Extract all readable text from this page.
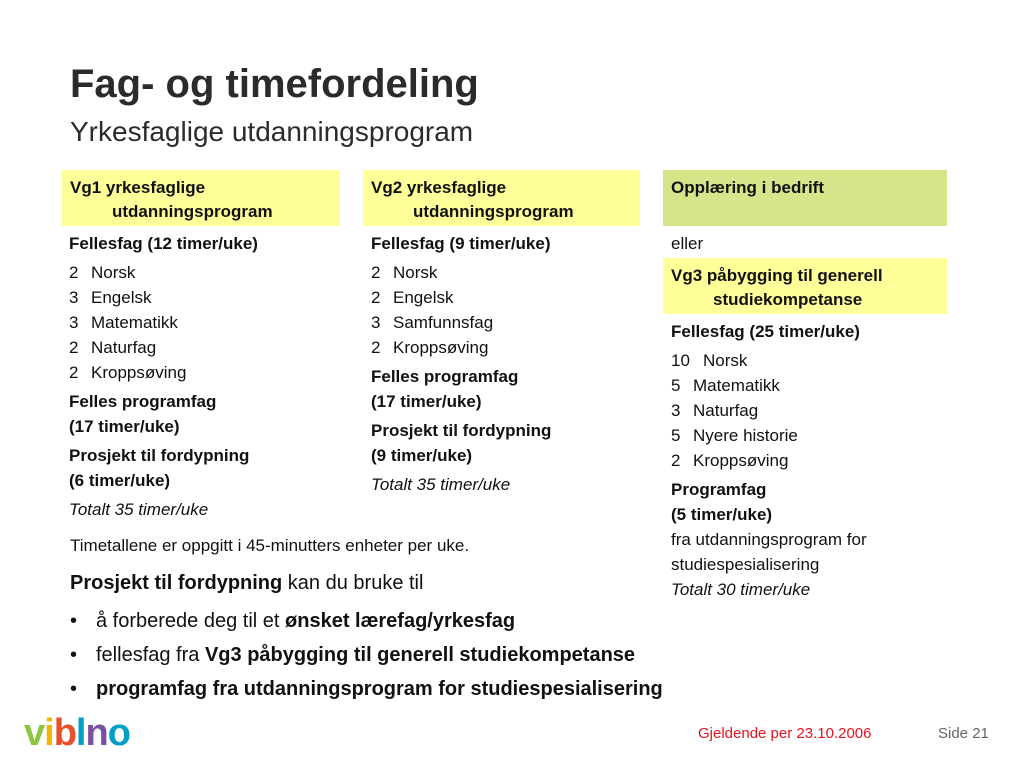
Fag- og timefordeling
Yrkesfaglige utdanningsprogram
Vg1 yrkesfaglige
utdanningsprogram
Fellesfag (12 timer/uke)
2 Norsk
3 Engelsk
3 Matematikk
2 Naturfag
2 Kroppsøving
Felles programfag
(17 timer/uke)
Prosjekt til fordypning
(6 timer/uke)
Totalt 35 timer/uke
Vg2 yrkesfaglige
utdanningsprogram
Fellesfag (9 timer/uke)
2 Norsk
2 Engelsk
3 Samfunnsfag
2 Kroppsøving
Felles programfag
(17 timer/uke)
Prosjekt til fordypning
(9 timer/uke)
Totalt 35 timer/uke
Opplæring i bedrift
eller
Vg3 påbygging til generell
studiekompetanse
Fellesfag (25 timer/uke)
10 Norsk
5 Matematikk
3 Naturfag
5 Nyere historie
2 Kroppsøving
Programfag
(5 timer/uke)
fra utdanningsprogram for
studiespesialisering
Totalt 30 timer/uke
Timetallene er oppgitt i 45-minutters enheter per uke.
Prosjekt til fordypning kan du bruke til
• å forberede deg til et ønsket lærefag/yrkesfag
• fellesfag fra Vg3 påbygging til generell studiekompetanse
• programfag fra utdanningsprogram for studiespesialisering
viblno	Gjeldende per 23.10.2006	Side 21
